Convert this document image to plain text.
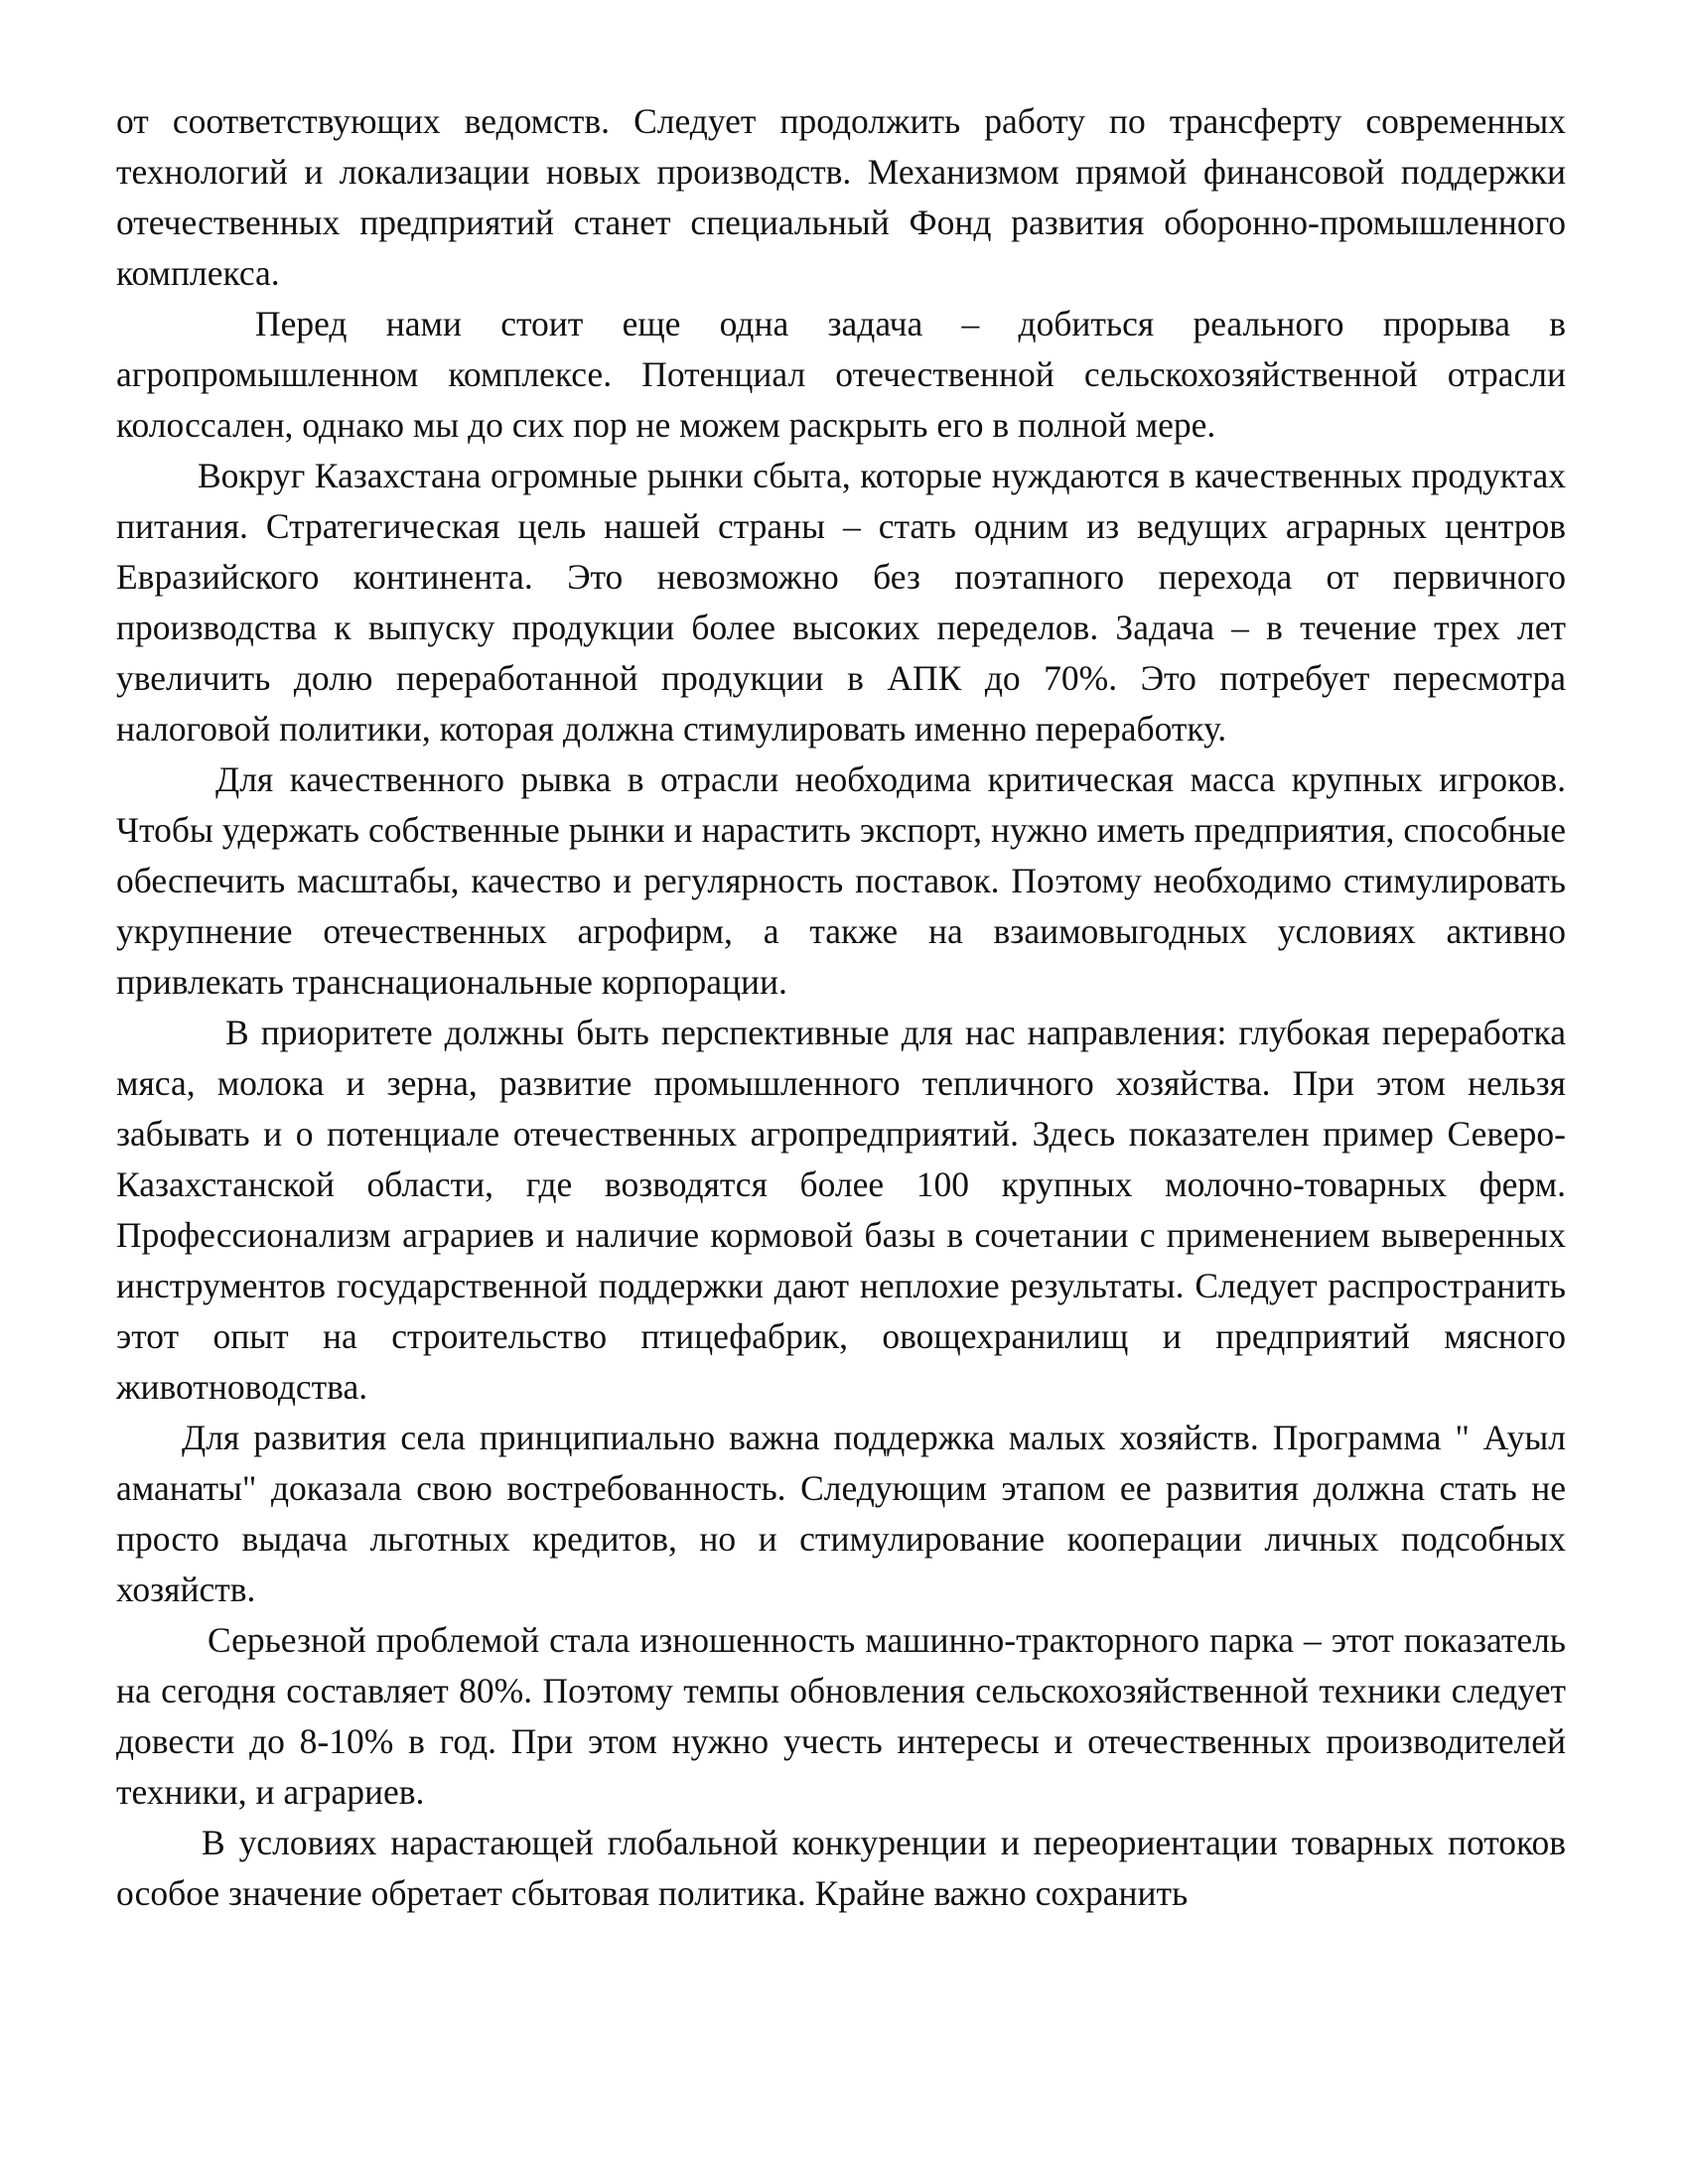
от соответствующих ведомств. Следует продолжить работу по трансферту современных технологий и локализации новых производств. Механизмом прямой финансовой поддержки отечественных предприятий станет специальный Фонд развития оборонно-промышленного комплекса.

Перед нами стоит еще одна задача – добиться реального прорыва в агропромышленном комплексе. Потенциал отечественной сельскохозяйственной отрасли колоссален, однако мы до сих пор не можем раскрыть его в полной мере.

Вокруг Казахстана огромные рынки сбыта, которые нуждаются в качественных продуктах питания. Стратегическая цель нашей страны – стать одним из ведущих аграрных центров Евразийского континента. Это невозможно без поэтапного перехода от первичного производства к выпуску продукции более высоких переделов. Задача – в течение трех лет увеличить долю переработанной продукции в АПК до 70%. Это потребует пересмотра налоговой политики, которая должна стимулировать именно переработку.

Для качественного рывка в отрасли необходима критическая масса крупных игроков. Чтобы удержать собственные рынки и нарастить экспорт, нужно иметь предприятия, способные обеспечить масштабы, качество и регулярность поставок. Поэтому необходимо стимулировать укрупнение отечественных агрофирм, а также на взаимовыгодных условиях активно привлекать транснациональные корпорации.

В приоритете должны быть перспективные для нас направления: глубокая переработка мяса, молока и зерна, развитие промышленного тепличного хозяйства. При этом нельзя забывать и о потенциале отечественных агропредприятий. Здесь показателен пример Северо-Казахстанской области, где возводятся более 100 крупных молочно-товарных ферм. Профессионализм аграриев и наличие кормовой базы в сочетании с применением выверенных инструментов государственной поддержки дают неплохие результаты. Следует распространить этот опыт на строительство птицефабрик, овощехранилищ и предприятий мясного животноводства.

Для развития села принципиально важна поддержка малых хозяйств. Программа " Ауыл аманаты" доказала свою востребованность. Следующим этапом ее развития должна стать не просто выдача льготных кредитов, но и стимулирование кооперации личных подсобных хозяйств.

Серьезной проблемой стала изношенность машинно-тракторного парка – этот показатель на сегодня составляет 80%. Поэтому темпы обновления сельскохозяйственной техники следует довести до 8-10% в год. При этом нужно учесть интересы и отечественных производителей техники, и аграриев.

В условиях нарастающей глобальной конкуренции и переориентации товарных потоков особое значение обретает сбытовая политика. Крайне важно сохранить
